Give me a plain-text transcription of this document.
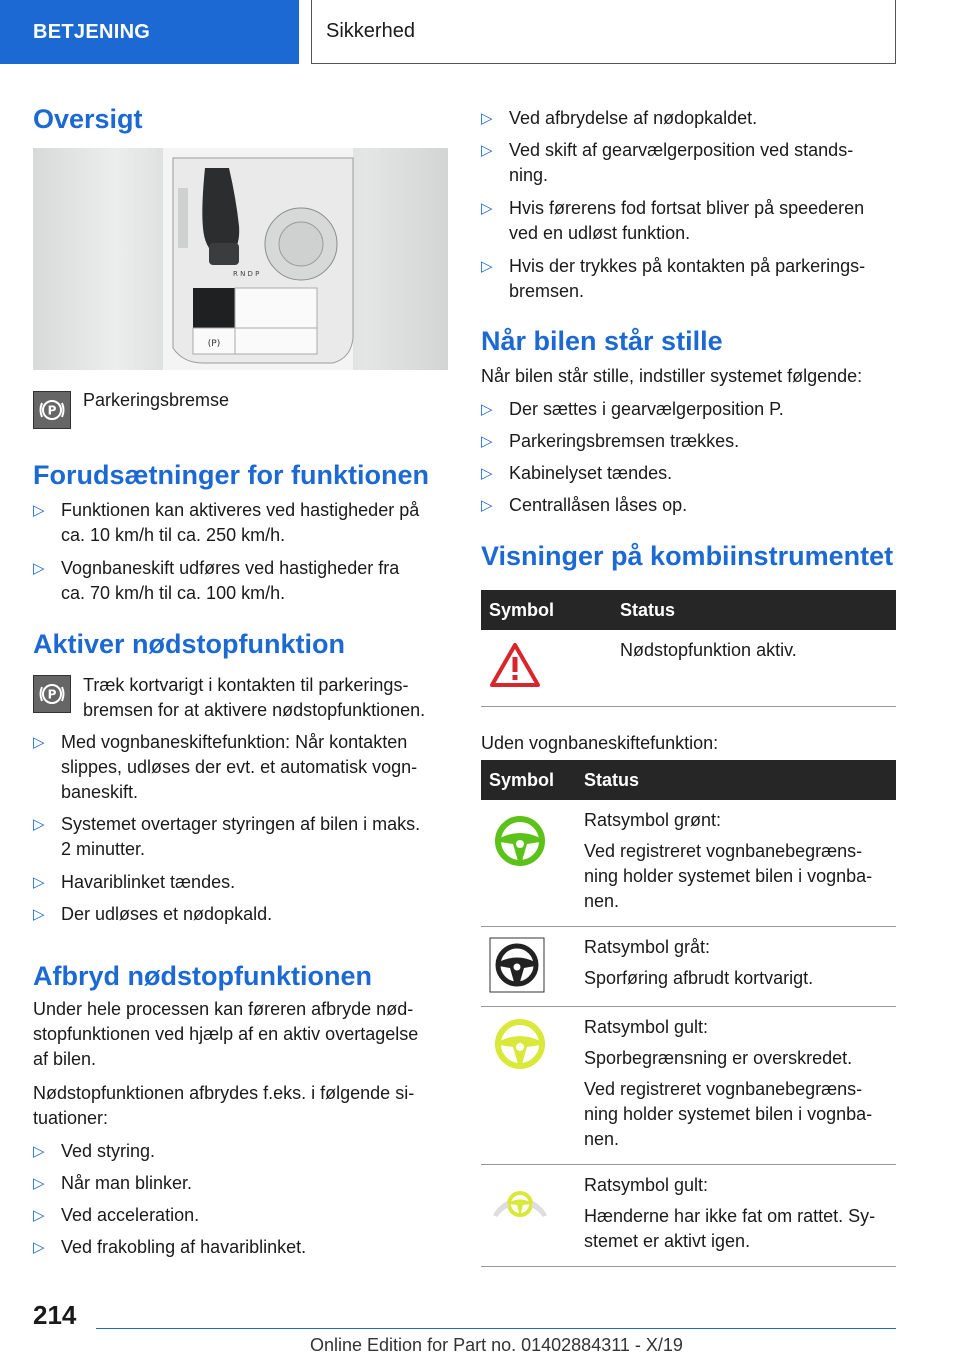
BETJENING	Sikkerhed
Oversigt
(P)
R N D P
P

Parkeringsbremse

Forudsætninger for funktionen
▷ Funktionen kan aktiveres ved hastigheder på
ca. 10 km/h til ca. 250 km/h.
▷ Vognbaneskift udføres ved hastigheder fra
ca. 70 km/h til ca. 100 km/h.
Aktiver nødstopfunktion
P Træk kortvarigt i kontakten til parkerings-
bremsen for at aktivere nødstopfunktionen.

▷ Med vognbaneskiftefunktion: Når kontakten
slippes, udløses der evt. et automatisk vogn-
baneskift.
▷ Systemet overtager styringen af bilen i maks.
2 minutter.
▷ Havariblinket tændes.
▷ Der udløses et nødopkald.
Afbryd nødstopfunktionen

Under hele processen kan føreren afbryde nød-
stopfunktionen ved hjælp af en aktiv overtagelse
af bilen.

Nødstopfunktionen afbrydes f.eks. i følgende si-
tuationer:

▷ Ved styring.
▷ Når man blinker.
▷ Ved acceleration.
▷ Ved frakobling af havariblinket.
▷ Ved afbrydelse af nødopkaldet.
▷ Ved skift af gearvælgerposition ved stands-
ning.
▷ Hvis førerens fod fortsat bliver på speederen
ved en udløst funktion.
▷ Hvis der trykkes på kontakten på parkerings-
bremsen.
Når bilen står stille

Når bilen står stille, indstiller systemet følgende:

▷ Der sættes i gearvælgerposition P.
▷ Parkeringsbremsen trækkes.
▷ Kabinelyset tændes.
▷ Centrallåsen låses op.
Visninger på kombiinstrumentet
Symbol	Status
	Nødstopfunktion aktiv.

Uden vognbaneskiftefunktion:

Symbol	Status
	Ratsymbol grønt:
Ved registreret vognbanebegræns-
ning holder systemet bilen i vognba-
nen.
	Ratsymbol gråt:
Sporføring afbrudt kortvarigt.
	Ratsymbol gult:
Sporbegrænsning er overskredet.
Ved registreret vognbanebegræns-
ning holder systemet bilen i vognba-
nen.
	Ratsymbol gult:
Hænderne har ikke fat om rattet. Sy-
stemet er aktivt igen.
214
Online Edition for Part no. 01402884311 - X/19
